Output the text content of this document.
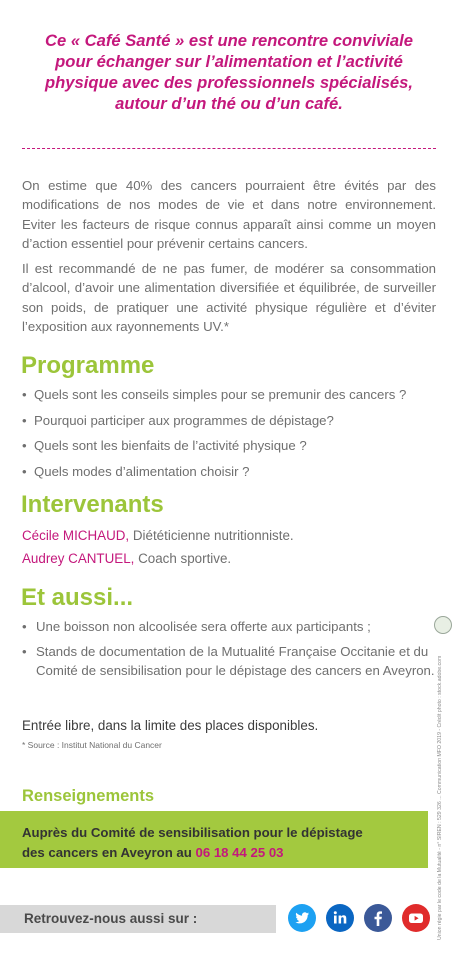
Ce « Café Santé » est une rencontre conviviale
pour échanger sur l’alimentation et l’activité
physique avec des professionnels spécialisés,
autour d’un thé ou d’un café.

On estime que 40% des cancers pourraient être évités par des modifications de nos modes de vie et dans notre environnement. Eviter les facteurs de risque connus apparaît ainsi comme un moyen d’action essentiel pour prévenir certains cancers.

Il est recommandé de ne pas fumer, de modérer sa consommation d’alcool, d’avoir une alimentation diversifiée et équilibrée, de surveiller son poids, de pratiquer une activité physique régulière et d’éviter l’exposition aux rayonnements UV.*

Programme
• Quels sont les conseils simples pour se premunir des cancers ?
• Pourquoi participer aux programmes de dépistage?
• Quels sont les bienfaits de l’activité physique ?
• Quels modes d’alimentation choisir ?
Intervenants
Cécile MICHAUD, Diététicienne nutritionniste.
Audrey CANTUEL, Coach sportive.
Et aussi...
• Une boisson non alcoolisée sera offerte aux participants ;
• Stands de documentation de la Mutualité Française Occitanie et du Comité de sensibilisation pour le dépistage des cancers en Aveyron.
Entrée libre, dans la limite des places disponibles.
* Source : Institut National du Cancer
Renseignements
Auprès du Comité de sensibilisation pour le dépistage
des cancers en Aveyron au 06 18 44 25 03
Retrouvez-nous aussi sur :	Union régie par le code de la Mutualité - n° SIREN : 529 326 ... Communication MFO 2019 - Crédit photo : stock.adobe.com
